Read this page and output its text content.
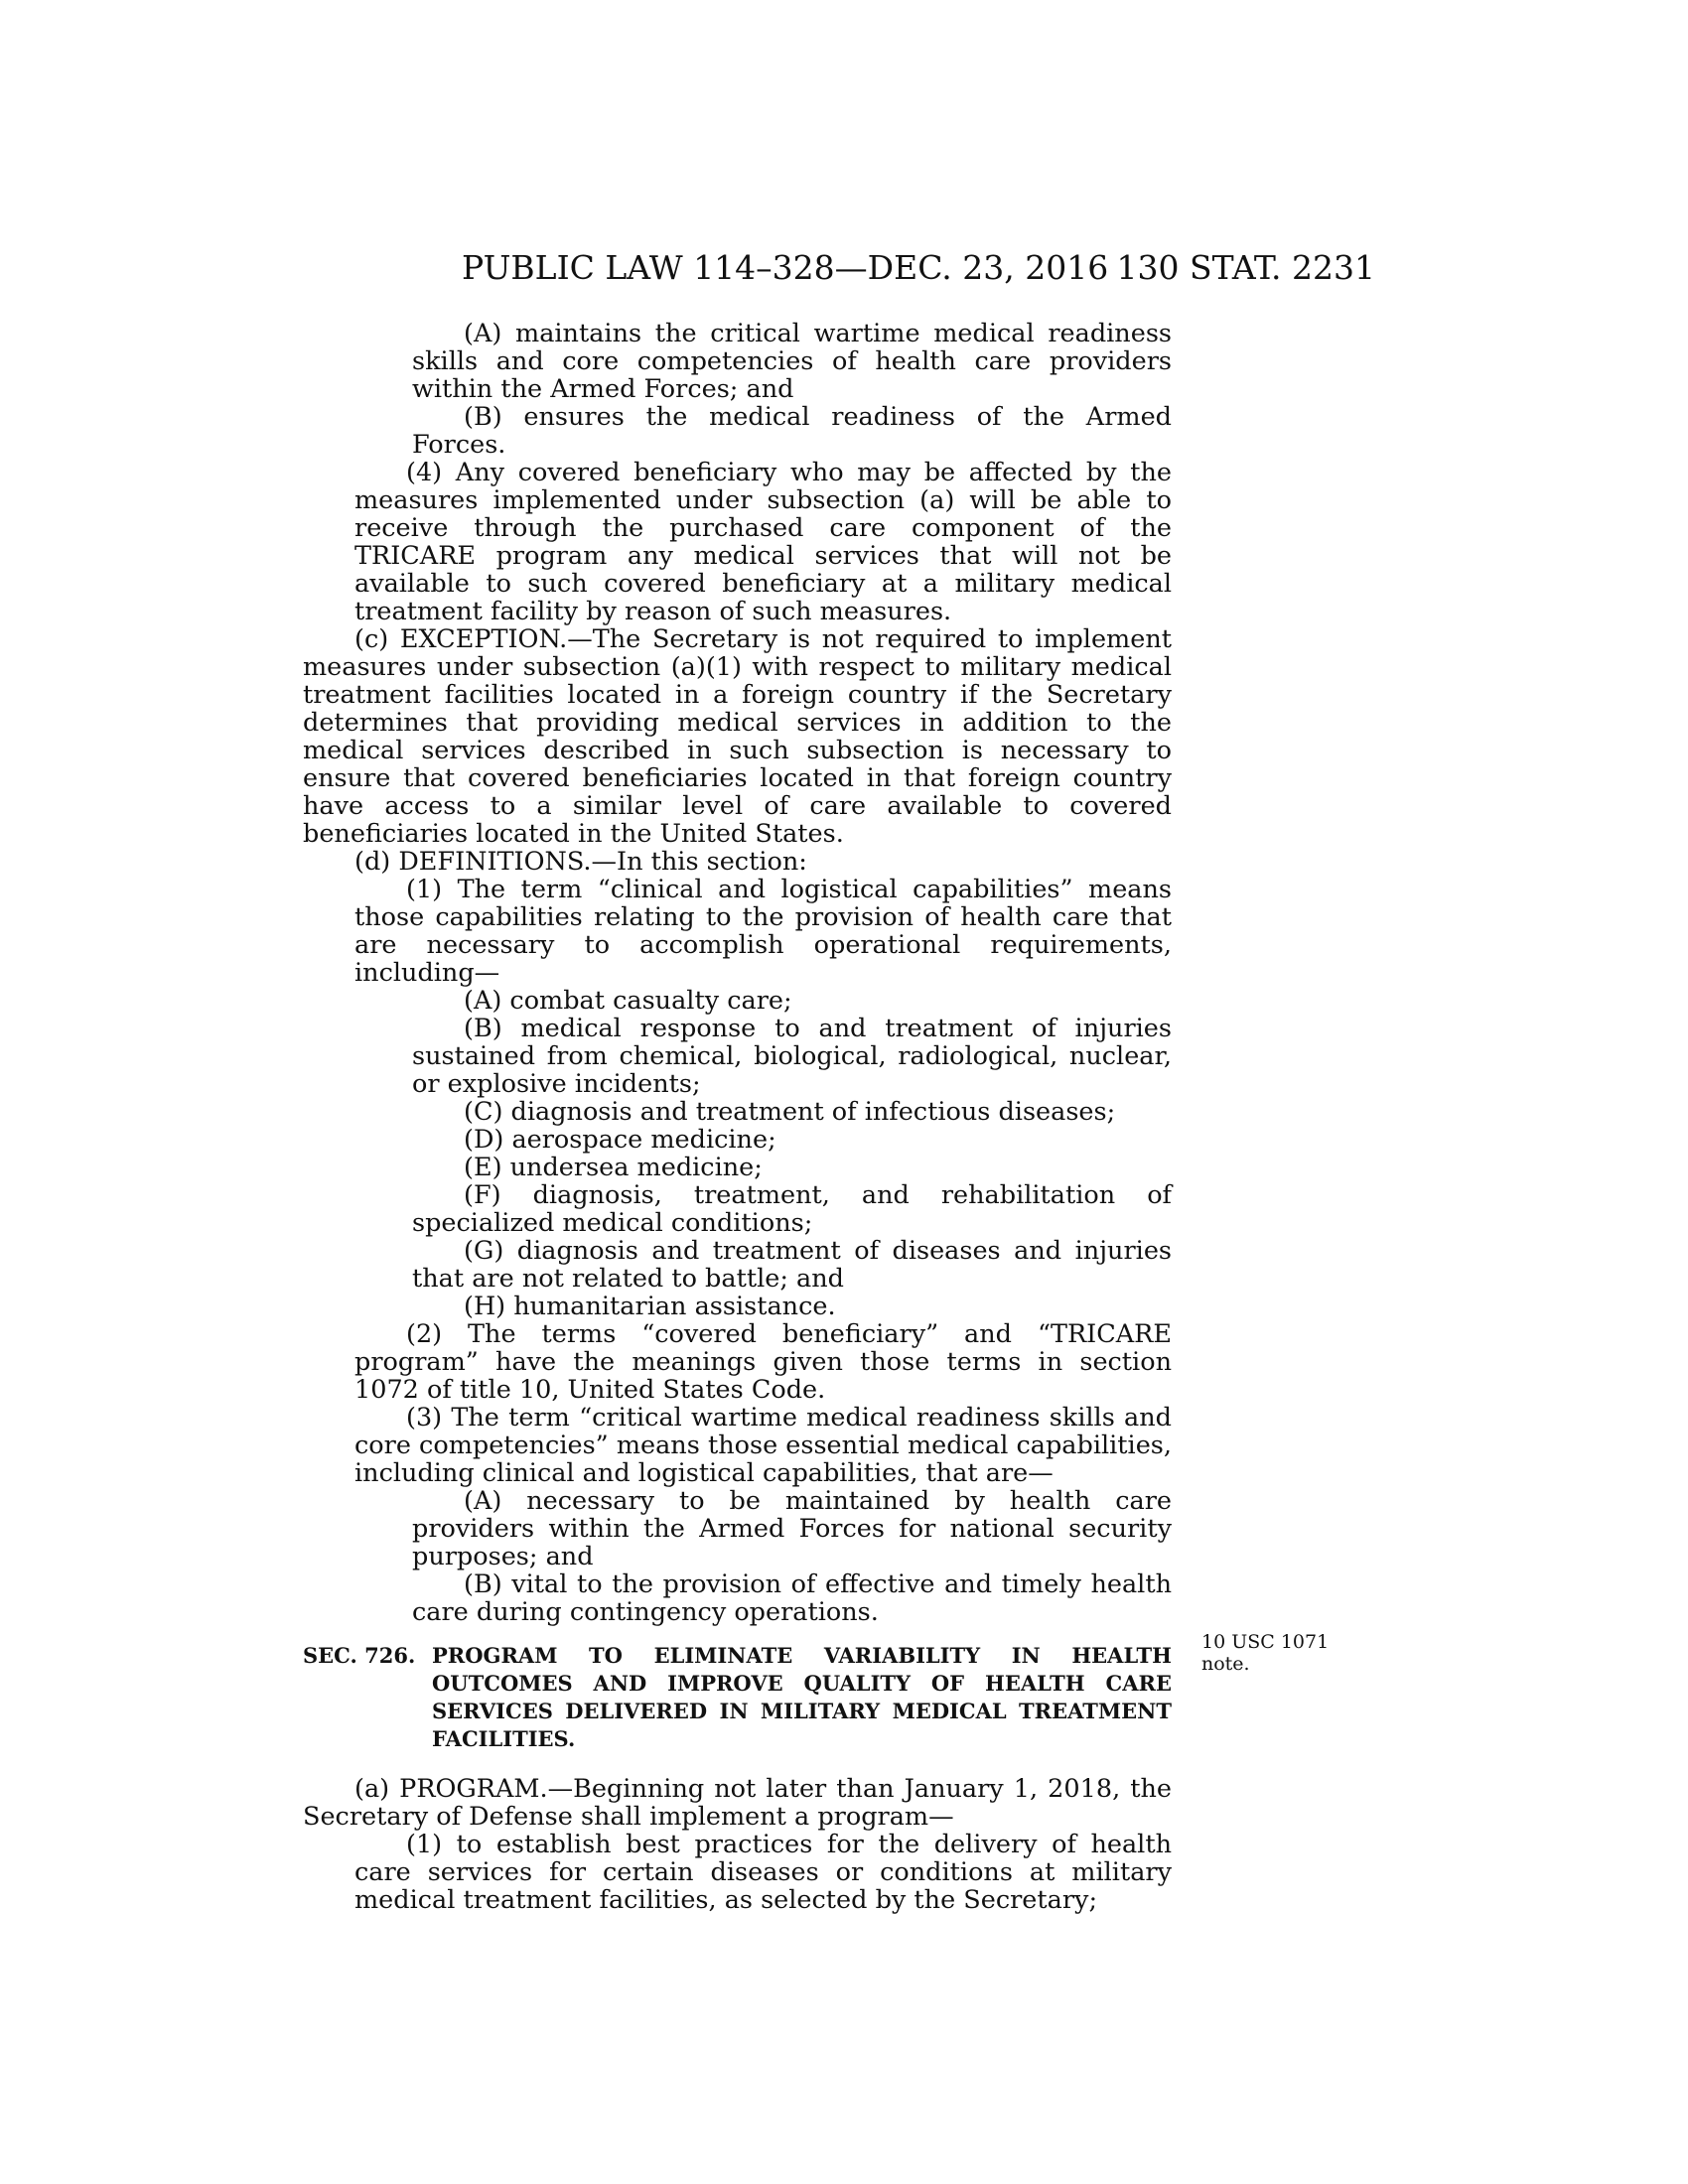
PUBLIC LAW 114–328—DEC. 23, 2016 130 STAT. 2231

(A) maintains the critical wartime medical readiness skills and core competencies of health care providers within the Armed Forces; and

(B) ensures the medical readiness of the Armed Forces.

(4) Any covered beneficiary who may be affected by the measures implemented under subsection (a) will be able to receive through the purchased care component of the TRICARE program any medical services that will not be available to such covered beneficiary at a military medical treatment facility by reason of such measures.

(c) EXCEPTION.—The Secretary is not required to implement measures under subsection (a)(1) with respect to military medical treatment facilities located in a foreign country if the Secretary determines that providing medical services in addition to the medical services described in such subsection is necessary to ensure that covered beneficiaries located in that foreign country have access to a similar level of care available to covered beneficiaries located in the United States.

(d) DEFINITIONS.—In this section:

(1) The term “clinical and logistical capabilities” means those capabilities relating to the provision of health care that are necessary to accomplish operational requirements, including—

(A) combat casualty care;

(B) medical response to and treatment of injuries sustained from chemical, biological, radiological, nuclear, or explosive incidents;

(C) diagnosis and treatment of infectious diseases;

(D) aerospace medicine;

(E) undersea medicine;

(F) diagnosis, treatment, and rehabilitation of specialized medical conditions;

(G) diagnosis and treatment of diseases and injuries that are not related to battle; and

(H) humanitarian assistance.

(2) The terms “covered beneficiary” and “TRICARE program” have the meanings given those terms in section 1072 of title 10, United States Code.

(3) The term “critical wartime medical readiness skills and core competencies” means those essential medical capabilities, including clinical and logistical capabilities, that are—

(A) necessary to be maintained by health care providers within the Armed Forces for national security purposes; and

(B) vital to the provision of effective and timely health care during contingency operations.

SEC. 726. PROGRAM TO ELIMINATE VARIABILITY IN HEALTH OUTCOMES AND IMPROVE QUALITY OF HEALTH CARE SERVICES DELIVERED IN MILITARY MEDICAL TREATMENT FACILITIES.

(a) PROGRAM.—Beginning not later than January 1, 2018, the Secretary of Defense shall implement a program—

(1) to establish best practices for the delivery of health care services for certain diseases or conditions at military medical treatment facilities, as selected by the Secretary;

10 USC 1071 note.
